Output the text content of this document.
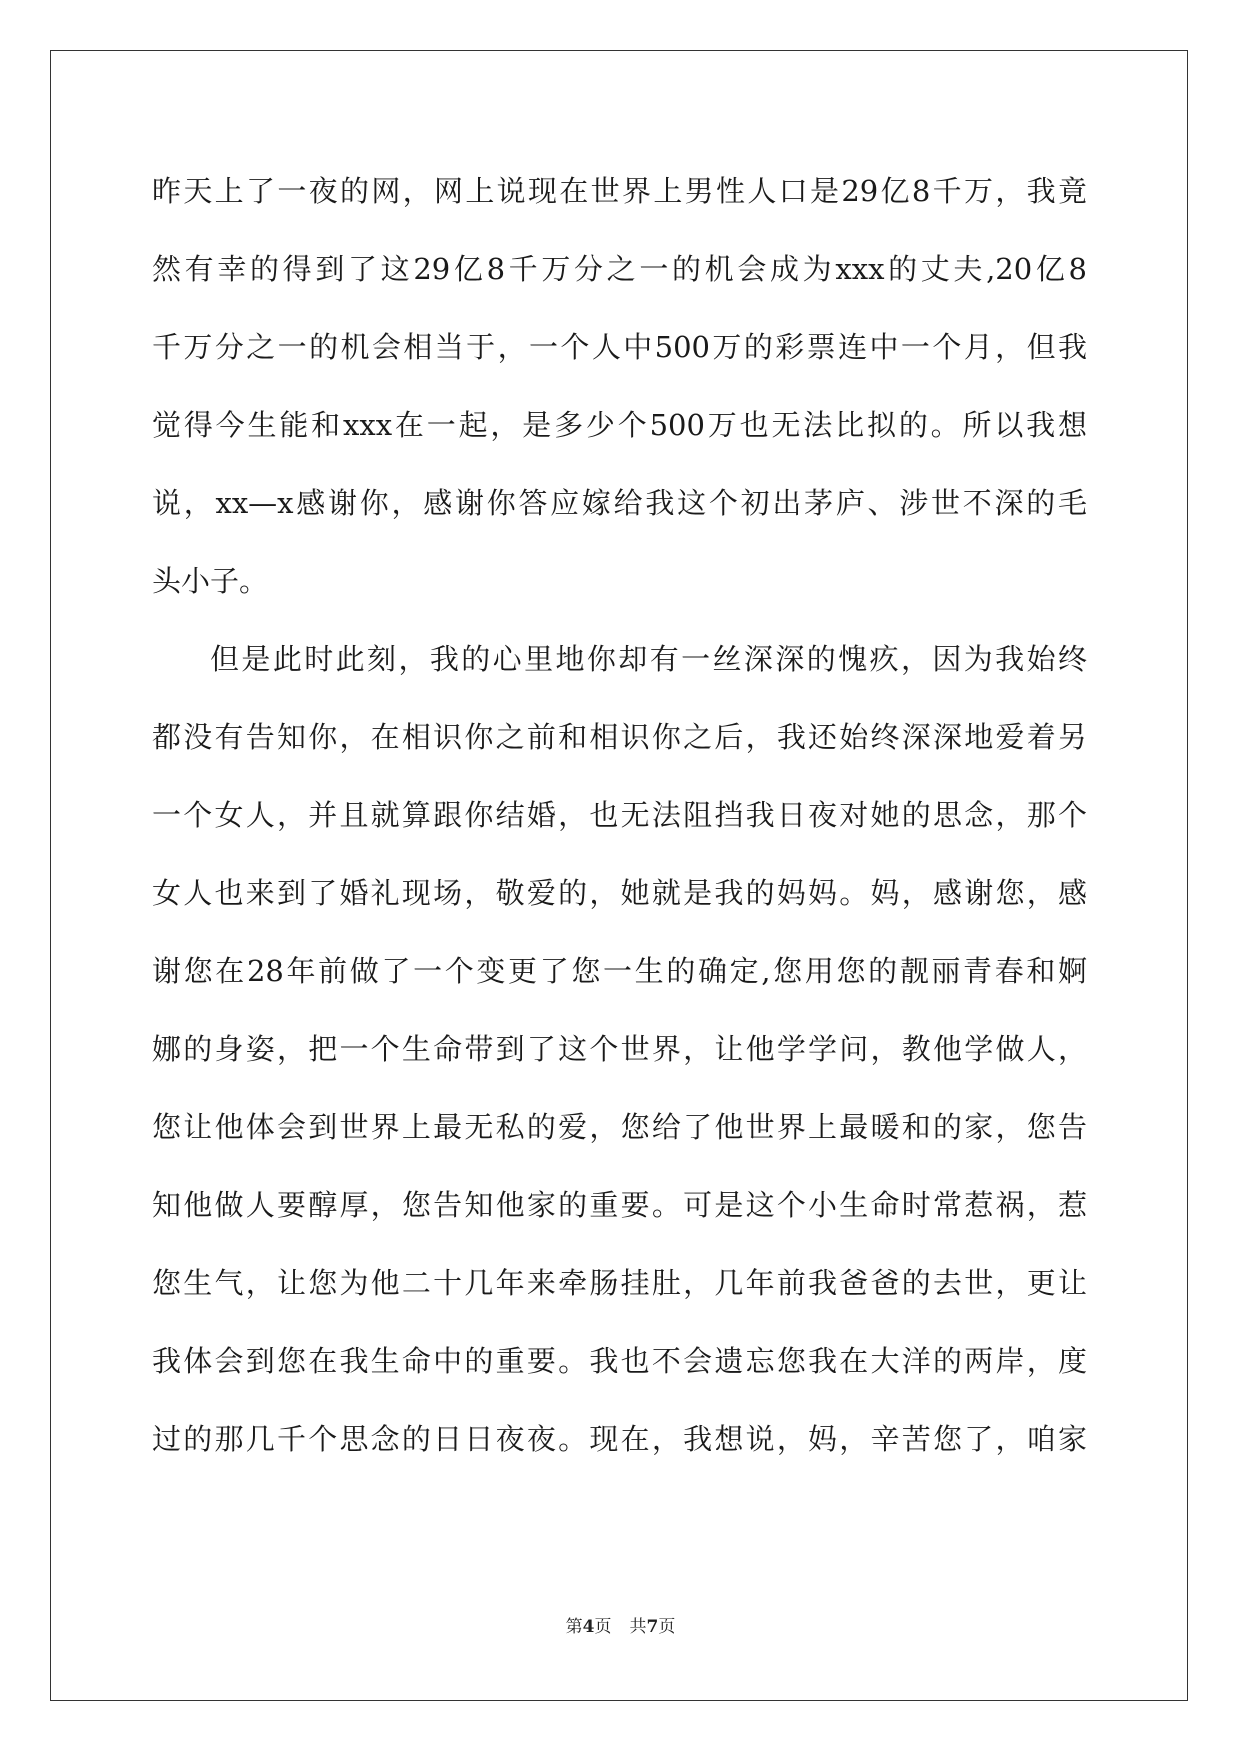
昨天上了一夜的网，网上说现在世界上男性人口是29亿8千万，我竟
然有幸的得到了这29亿8千万分之一的机会成为xxx的丈夫,20亿8
千万分之一的机会相当于，一个人中500万的彩票连中一个月，但我
觉得今生能和xxx在一起，是多少个500万也无法比拟的。所以我想
说，xx—x感谢你，感谢你答应嫁给我这个初出茅庐、涉世不深的毛
头小子。
但是此时此刻，我的心里地你却有一丝深深的愧疚，因为我始终
都没有告知你，在相识你之前和相识你之后，我还始终深深地爱着另
一个女人，并且就算跟你结婚，也无法阻挡我日夜对她的思念，那个
女人也来到了婚礼现场，敬爱的，她就是我的妈妈。妈，感谢您，感
谢您在28年前做了一个变更了您一生的确定,您用您的靓丽青春和婀
娜的身姿，把一个生命带到了这个世界，让他学学问，教他学做人，
您让他体会到世界上最无私的爱，您给了他世界上最暖和的家，您告
知他做人要醇厚，您告知他家的重要。可是这个小生命时常惹祸，惹
您生气，让您为他二十几年来牵肠挂肚，几年前我爸爸的去世，更让
我体会到您在我生命中的重要。我也不会遗忘您我在大洋的两岸，度
过的那几千个思念的日日夜夜。现在，我想说，妈，辛苦您了，咱家
第4页 共7页
